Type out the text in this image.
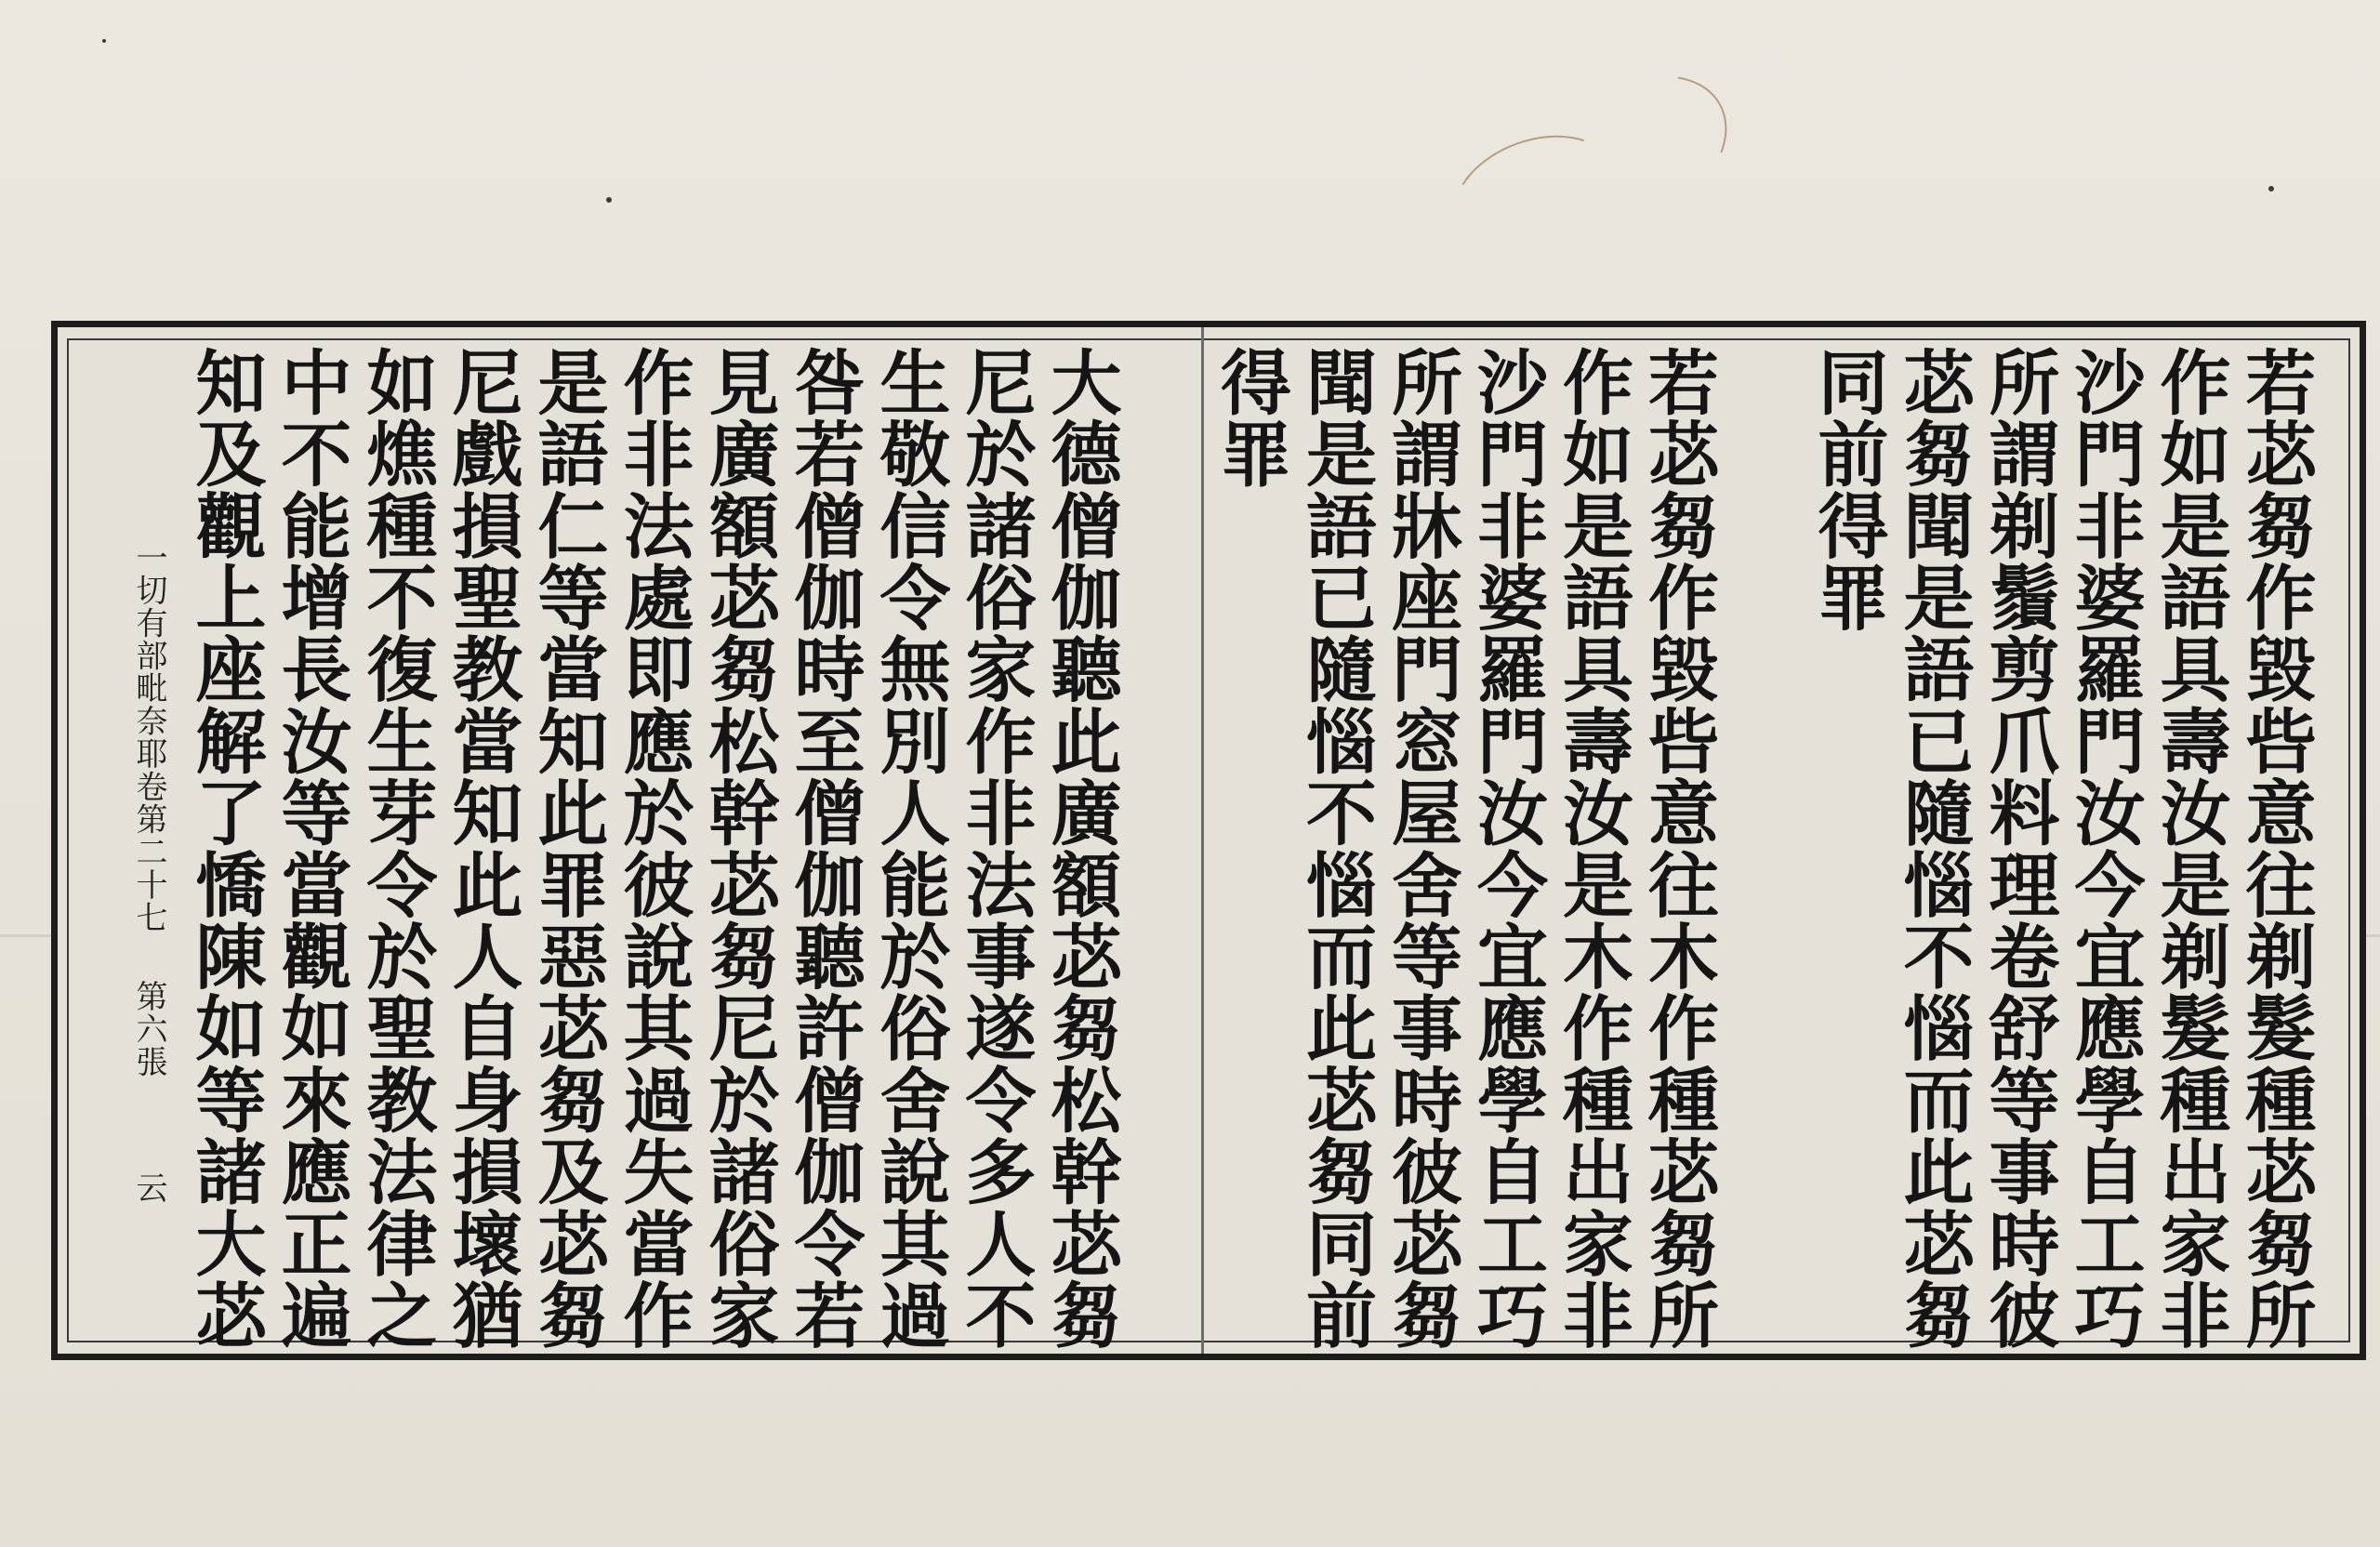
若苾芻作毀呰意往剃髮種苾芻所
作如是語具壽汝是剃髮種出家非
沙門非婆羅門汝今宜應學自工巧
所謂剃鬚剪爪料理卷舒等事時彼
苾芻聞是語已隨惱不惱而此苾芻
同前得罪
若苾芻作毀呰意往木作種苾芻所
作如是語具壽汝是木作種出家非
沙門非婆羅門汝今宜應學自工巧
所謂牀座門窓屋舍等事時彼苾芻
聞是語已隨惱不惱而此苾芻同前
得罪
大德僧伽聽此廣額苾芻松幹苾芻
尼於諸俗家作非法事遂令多人不
生敬信令無別人能於俗舍說其過
咎若僧伽時至僧伽聽許僧伽令若
見廣額苾芻松幹苾芻尼於諸俗家
作非法處即應於彼說其過失當作
是語仁等當知此罪惡苾芻及苾芻
尼戲損聖教當知此人自身損壞猶
如燋種不復生芽令於聖教法律之
中不能增長汝等當觀如來應正遍
知及觀上座解了憍陳如等諸大苾
一切有部毗奈耶卷第二十七第六張云
